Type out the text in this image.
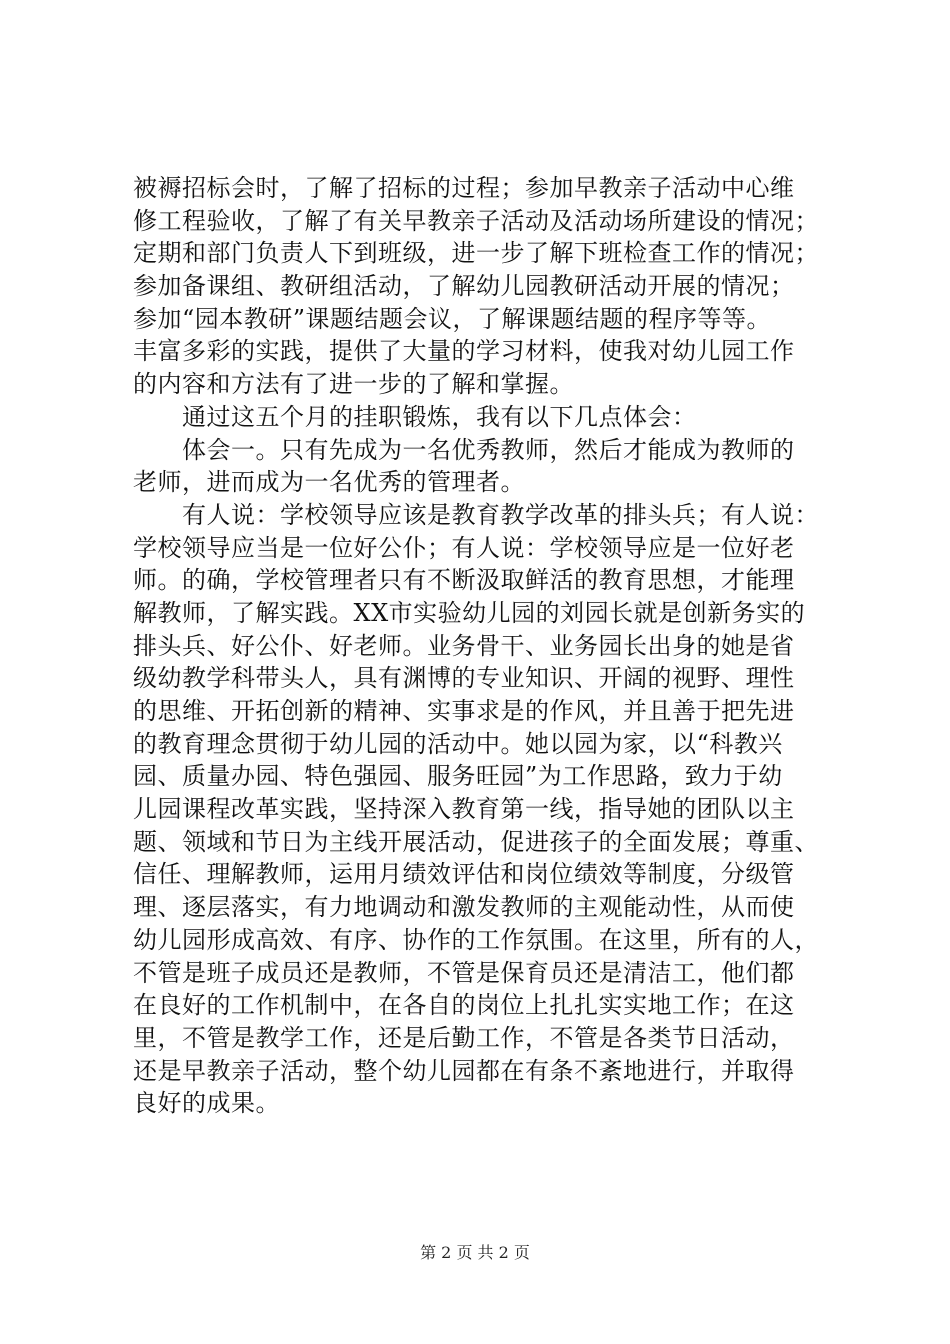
被褥招标会时，了解了招标的过程；参加早教亲子活动中心维
修工程验收，了解了有关早教亲子活动及活动场所建设的情况；
定期和部门负责人下到班级，进一步了解下班检查工作的情况；
参加备课组、教研组活动，了解幼儿园教研活动开展的情况；
参加“园本教研”课题结题会议，了解课题结题的程序等等。
丰富多彩的实践，提供了大量的学习材料，使我对幼儿园工作
的内容和方法有了进一步的了解和掌握。
　　通过这五个月的挂职锻炼，我有以下几点体会：
　　体会一。只有先成为一名优秀教师，然后才能成为教师的
老师，进而成为一名优秀的管理者。
　　有人说：学校领导应该是教育教学改革的排头兵；有人说：
学校领导应当是一位好公仆；有人说：学校领导应是一位好老
师。的确，学校管理者只有不断汲取鲜活的教育思想，才能理
解教师，了解实践。XX市实验幼儿园的刘园长就是创新务实的
排头兵、好公仆、好老师。业务骨干、业务园长出身的她是省
级幼教学科带头人，具有渊博的专业知识、开阔的视野、理性
的思维、开拓创新的精神、实事求是的作风，并且善于把先进
的教育理念贯彻于幼儿园的活动中。她以园为家，以“科教兴
园、质量办园、特色强园、服务旺园”为工作思路，致力于幼
儿园课程改革实践，坚持深入教育第一线，指导她的团队以主
题、领域和节日为主线开展活动，促进孩子的全面发展；尊重、
信任、理解教师，运用月绩效评估和岗位绩效等制度，分级管
理、逐层落实，有力地调动和激发教师的主观能动性，从而使
幼儿园形成高效、有序、协作的工作氛围。在这里，所有的人，
不管是班子成员还是教师，不管是保育员还是清洁工，他们都
在良好的工作机制中，在各自的岗位上扎扎实实地工作；在这
里，不管是教学工作，还是后勤工作，不管是各类节日活动，
还是早教亲子活动，整个幼儿园都在有条不紊地进行，并取得
良好的成果。
第 2 页 共 2 页
